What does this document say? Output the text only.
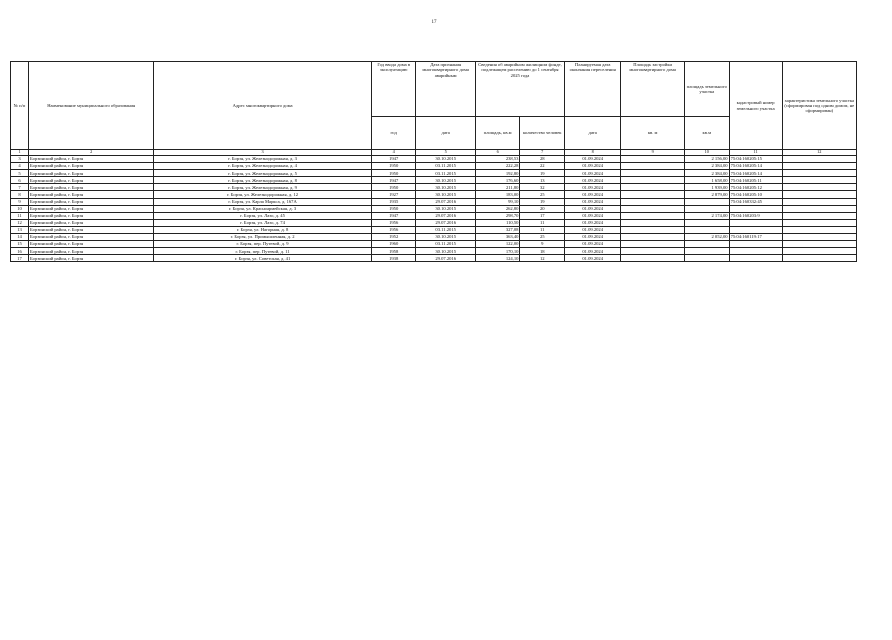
17
№ п/п	Наименование муниципального образования	Адрес многоквартирного дома	Год ввода дома в эксплуатацию	Дата признания многоквартирного дома аварийным	Сведения об аварийном жилищном фонде, подлежащем расселению до 1 сентября 2025 года		Планируемая дата окончания переселения	Площадь застройки многоквартирного дома	площадь земельного участка	кадастровый номер земельного участка	характеристика земельного участка (сформирован под одним домом, не сформирован)
			год	дата	площадь, кв.м	количество человек	дата	кв. м	кв.м		
1	2	3	4	5	6	7	8	9	10	11	12
3	Борзинский район, г. Борзя	г. Борзя, ул. Железнодорожная, д. 3	1947	30.10.2015	238,53	28	01.09.2024		2 156,00	75:04:160205:15	
4	Борзинский район, г. Борзя	г. Борзя, ул. Железнодорожная, д. 4	1950	03.11.2015	222,28	22	01.09.2024		2 384,00	75:04:160205:14	
5	Борзинский район, г. Борзя	г. Борзя, ул. Железнодорожная, д. 5	1950	03.11.2015	192,80	19	01.09.2024		2 384,00	75:04:160205:14	
6	Борзинский район, г. Борзя	г. Борзя, ул. Железнодорожная, д. 8	1947	30.10.2015	176,60	13	01.09.2024		1 658,00	75:04:160205:11	
7	Борзинский район, г. Борзя	г. Борзя, ул. Железнодорожная, д. 9	1950	30.10.2015	211,80	32	01.09.2024		1 939,00	75:04:160205:12	
8	Борзинский район, г. Борзя	г. Борзя, ул. Железнодорожная, д. 12	1927	30.10.2015	183,00	25	01.09.2024		2 879,00	75:04:160205:10	
9	Борзинский район, г. Борзя	г. Борзя, ул. Карла Маркса, д. 167А	1935	29.07.2016	99,10	19	01.09.2024			75:04:160332:45	
10	Борзинский район, г. Борзя	г. Борзя, ул. Красноармейская, д. 3	1950	30.10.2015	262,80	20	01.09.2024				
11	Борзинский район, г. Борзя	г. Борзя, ул. Лазо, д. 45	1947	29.07.2016	298,70	17	01.09.2024		2 174,00	75:04:160203:9	
12	Борзинский район, г. Борзя	г. Борзя, ул. Лазо, д. 74	1956	29.07.2016	110,50	11	01.09.2024				
13	Борзинский район, г. Борзя	г. Борзя, ул. Нагорная, д. 8	1956	03.11.2015	327,08	11	01.09.2024				
14	Борзинский район, г. Борзя	г. Борзя, ул. Промышленная, д. 2	1952	30.10.2015	363,40	25	01.09.2024		2 052,00	75:04:160119:17	
15	Борзинский район, г. Борзя	г. Борзя, пер. Путевой, д. 9	1960	03.11.2015	122,00	9	01.09.2024				
16	Борзинский район, г. Борзя	г. Борзя, пер. Путевой, д. 11	1958	30.10.2015	170,10	18	01.09.2024				
17	Борзинский район, г. Борзя	г. Борзя, ул. Советская, д. 41	1938	29.07.2016	124,10	12	01.09.2024				
